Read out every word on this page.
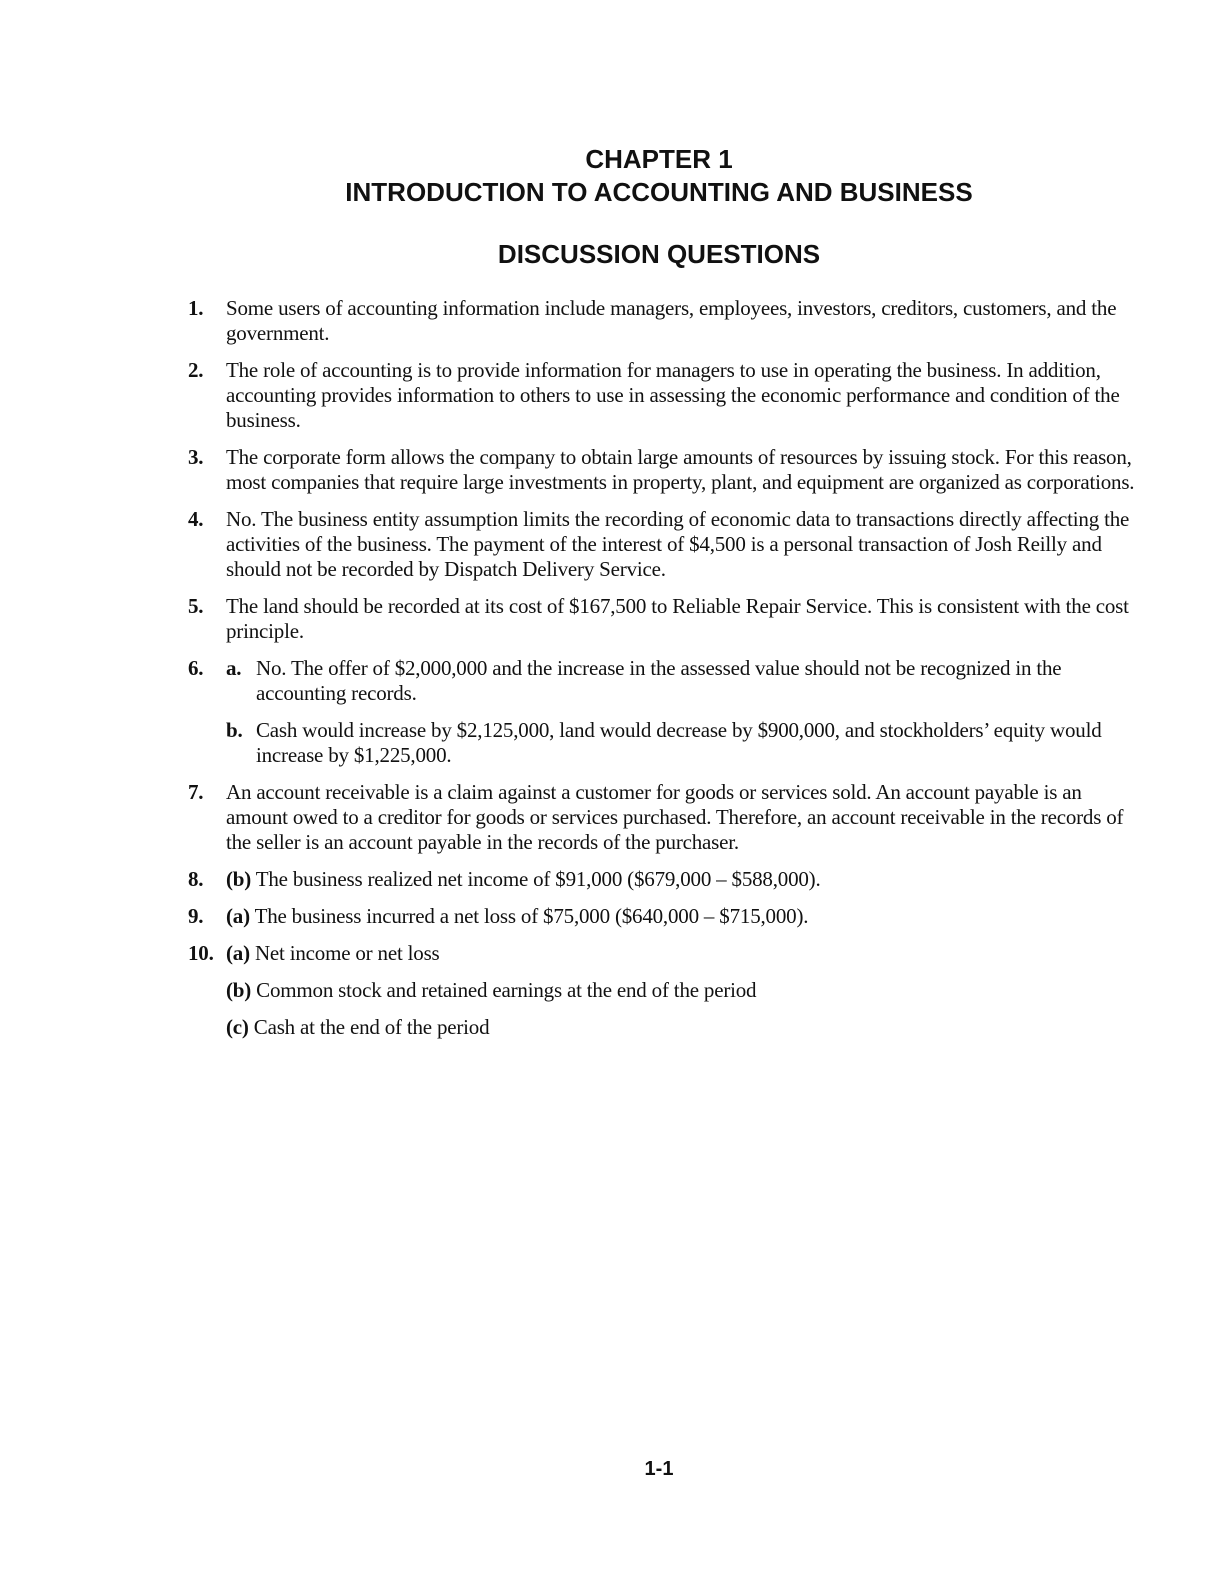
CHAPTER 1
INTRODUCTION TO ACCOUNTING AND BUSINESS
DISCUSSION QUESTIONS
1.	Some users of accounting information include managers, employees, investors, creditors, customers, and the government.
2.	The role of accounting is to provide information for managers to use in operating the business. In addition, accounting provides information to others to use in assessing the economic performance and condition of the business.
3.	The corporate form allows the company to obtain large amounts of resources by issuing stock. For this reason, most companies that require large investments in property, plant, and equipment are organized as corporations.
4.	No. The business entity assumption limits the recording of economic data to transactions directly affecting the activities of the business. The payment of the interest of $4,500 is a personal transaction of Josh Reilly and should not be recorded by Dispatch Delivery Service.
5.	The land should be recorded at its cost of $167,500 to Reliable Repair Service. This is consistent with the cost principle.
6.	a. No. The offer of $2,000,000 and the increase in the assessed value should not be recognized in the accounting records.
b. Cash would increase by $2,125,000, land would decrease by $900,000, and stockholders’ equity would increase by $1,225,000.
7.	An account receivable is a claim against a customer for goods or services sold. An account payable is an amount owed to a creditor for goods or services purchased. Therefore, an account receivable in the records of the seller is an account payable in the records of the purchaser.
8.	(b) The business realized net income of $91,000 ($679,000 – $588,000).
9.	(a) The business incurred a net loss of $75,000 ($640,000 – $715,000).
10. (a) Net income or net loss
(b) Common stock and retained earnings at the end of the period
(c) Cash at the end of the period
1-1
